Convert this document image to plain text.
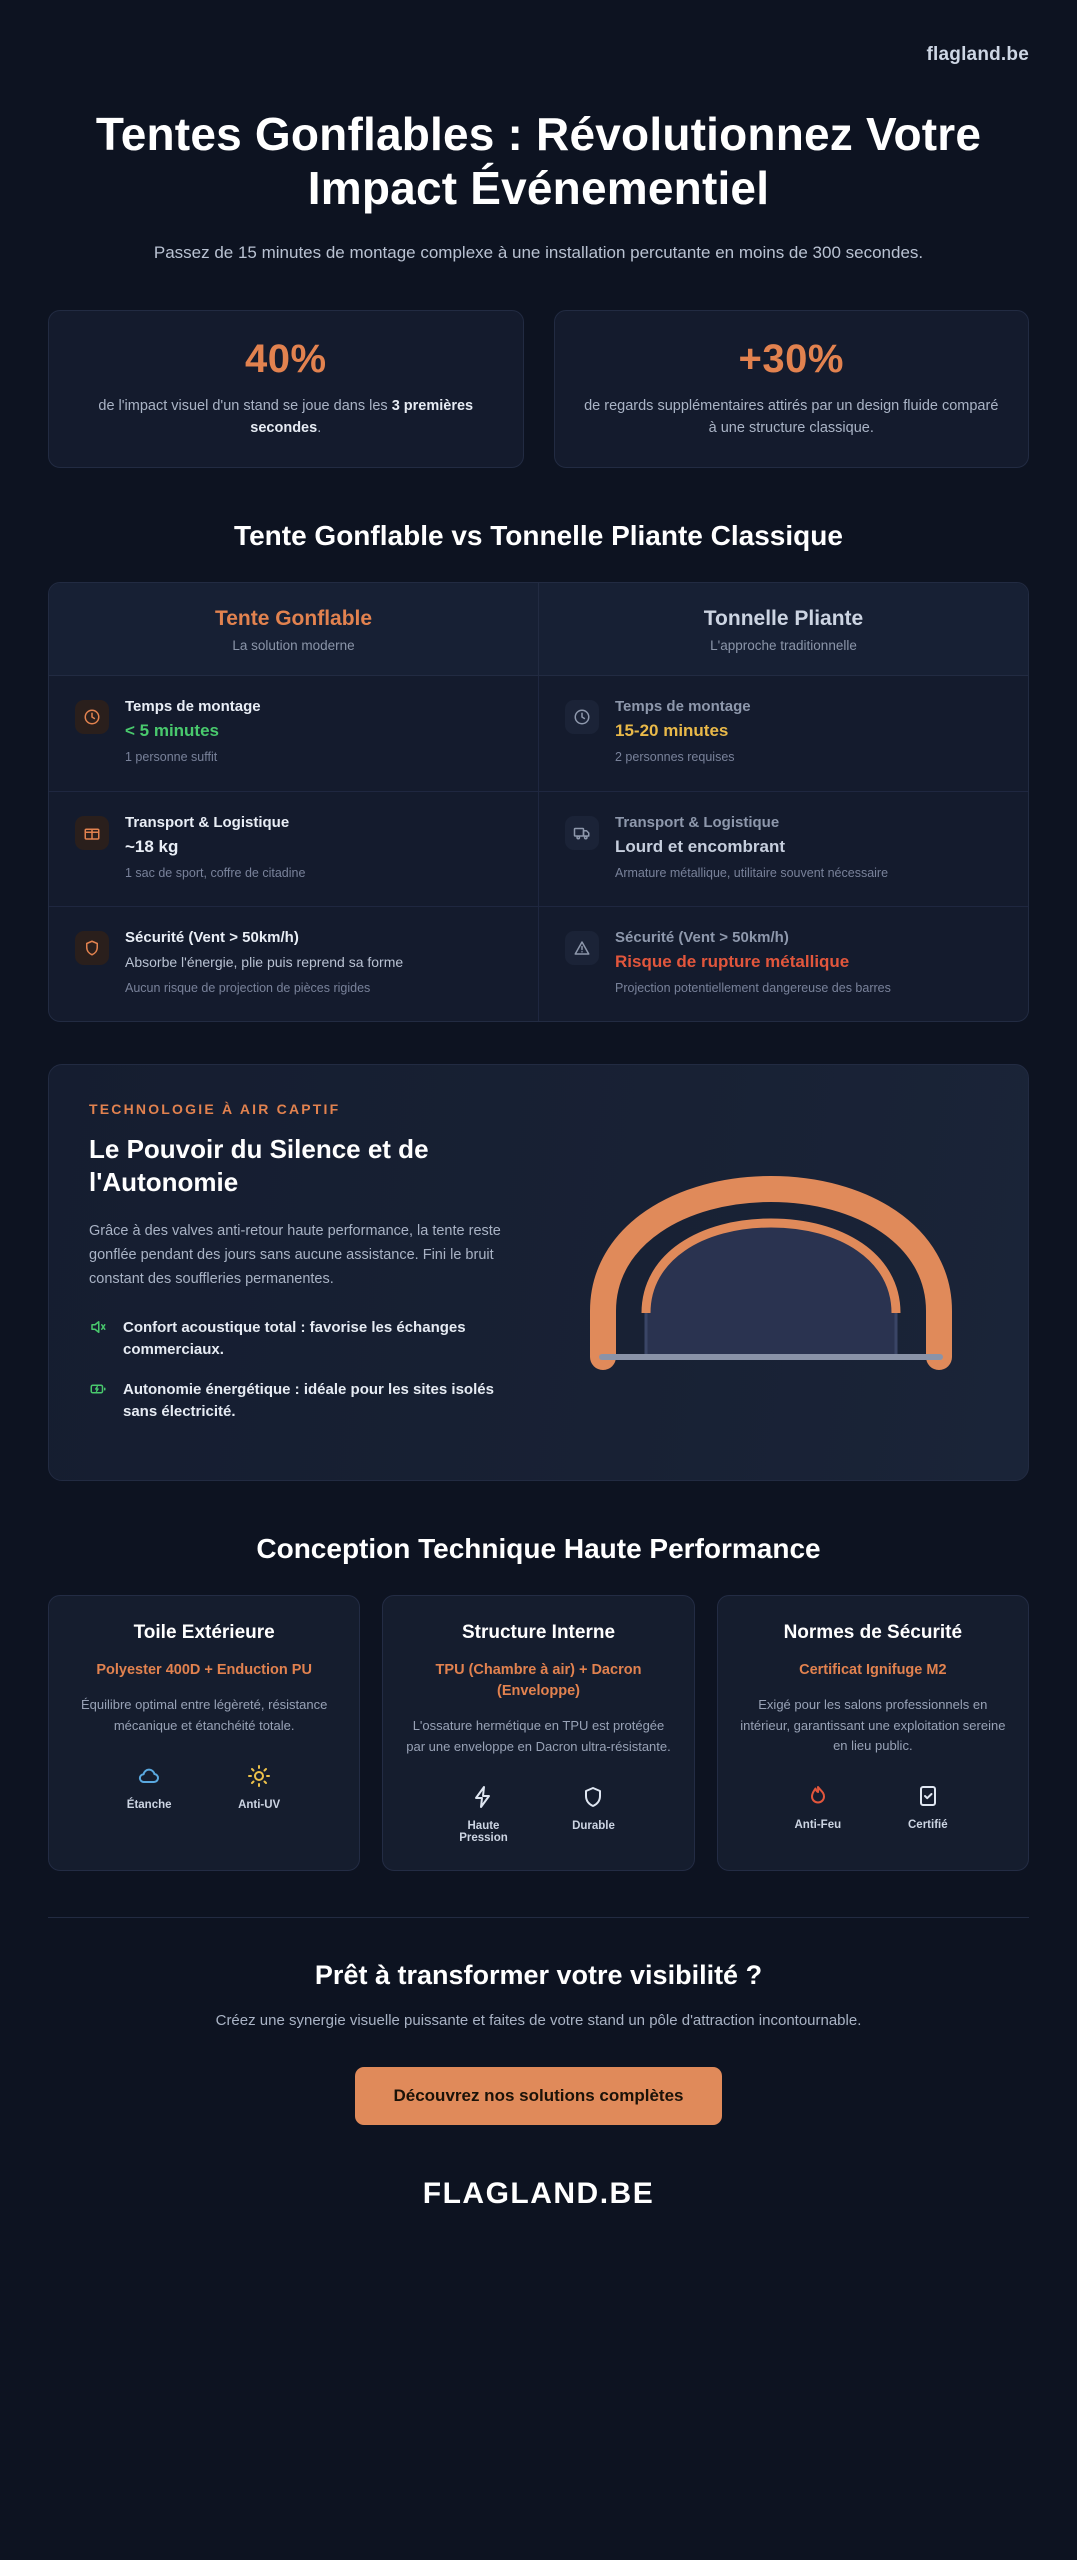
flagland.be
Tentes Gonflables : Révolutionnez Votre Impact Événementiel

Passez de 15 minutes de montage complexe à une installation percutante en moins de 300 secondes.

40%
de l'impact visuel d'un stand se joue dans les 3 premières secondes.
+30%
de regards supplémentaires attirés par un design fluide comparé à une structure classique.
Tente Gonflable vs Tonnelle Pliante Classique
Tente Gonflable
La solution moderne
Tonnelle Pliante
L'approche traditionnelle
Temps de montage
< 5 minutes
1 personne suffit
Temps de montage
15-20 minutes
2 personnes requises
Transport & Logistique
~18 kg
1 sac de sport, coffre de citadine
Transport & Logistique
Lourd et encombrant
Armature métallique, utilitaire souvent nécessaire
Sécurité (Vent > 50km/h)
Absorbe l'énergie, plie puis reprend sa forme
Aucun risque de projection de pièces rigides
Sécurité (Vent > 50km/h)
Risque de rupture métallique
Projection potentiellement dangereuse des barres
TECHNOLOGIE À AIR CAPTIF
Le Pouvoir du Silence et de l'Autonomie
Grâce à des valves anti-retour haute performance, la tente reste gonflée pendant des jours sans aucune assistance. Fini le bruit constant des souffleries permanentes.
Confort acoustique total : favorise les échanges commerciaux.
Autonomie énergétique : idéale pour les sites isolés sans électricité.
Conception Technique Haute Performance
Toile Extérieure
Polyester 400D + Enduction PU
Équilibre optimal entre légèreté, résistance mécanique et étanchéité totale.
Étanche	Anti-UV
Structure Interne
TPU (Chambre à air) + Dacron (Enveloppe)
L'ossature hermétique en TPU est protégée par une enveloppe en Dacron ultra-résistante.
Haute Pression
Durable
Normes de Sécurité
Certificat Ignifuge M2
Exigé pour les salons professionnels en intérieur, garantissant une exploitation sereine en lieu public.
Anti-Feu	Certifié
Prêt à transformer votre visibilité ?

Créez une synergie visuelle puissante et faites de votre stand un pôle d'attraction incontournable.

Découvrez nos solutions complètes
FLAGLAND.BE
